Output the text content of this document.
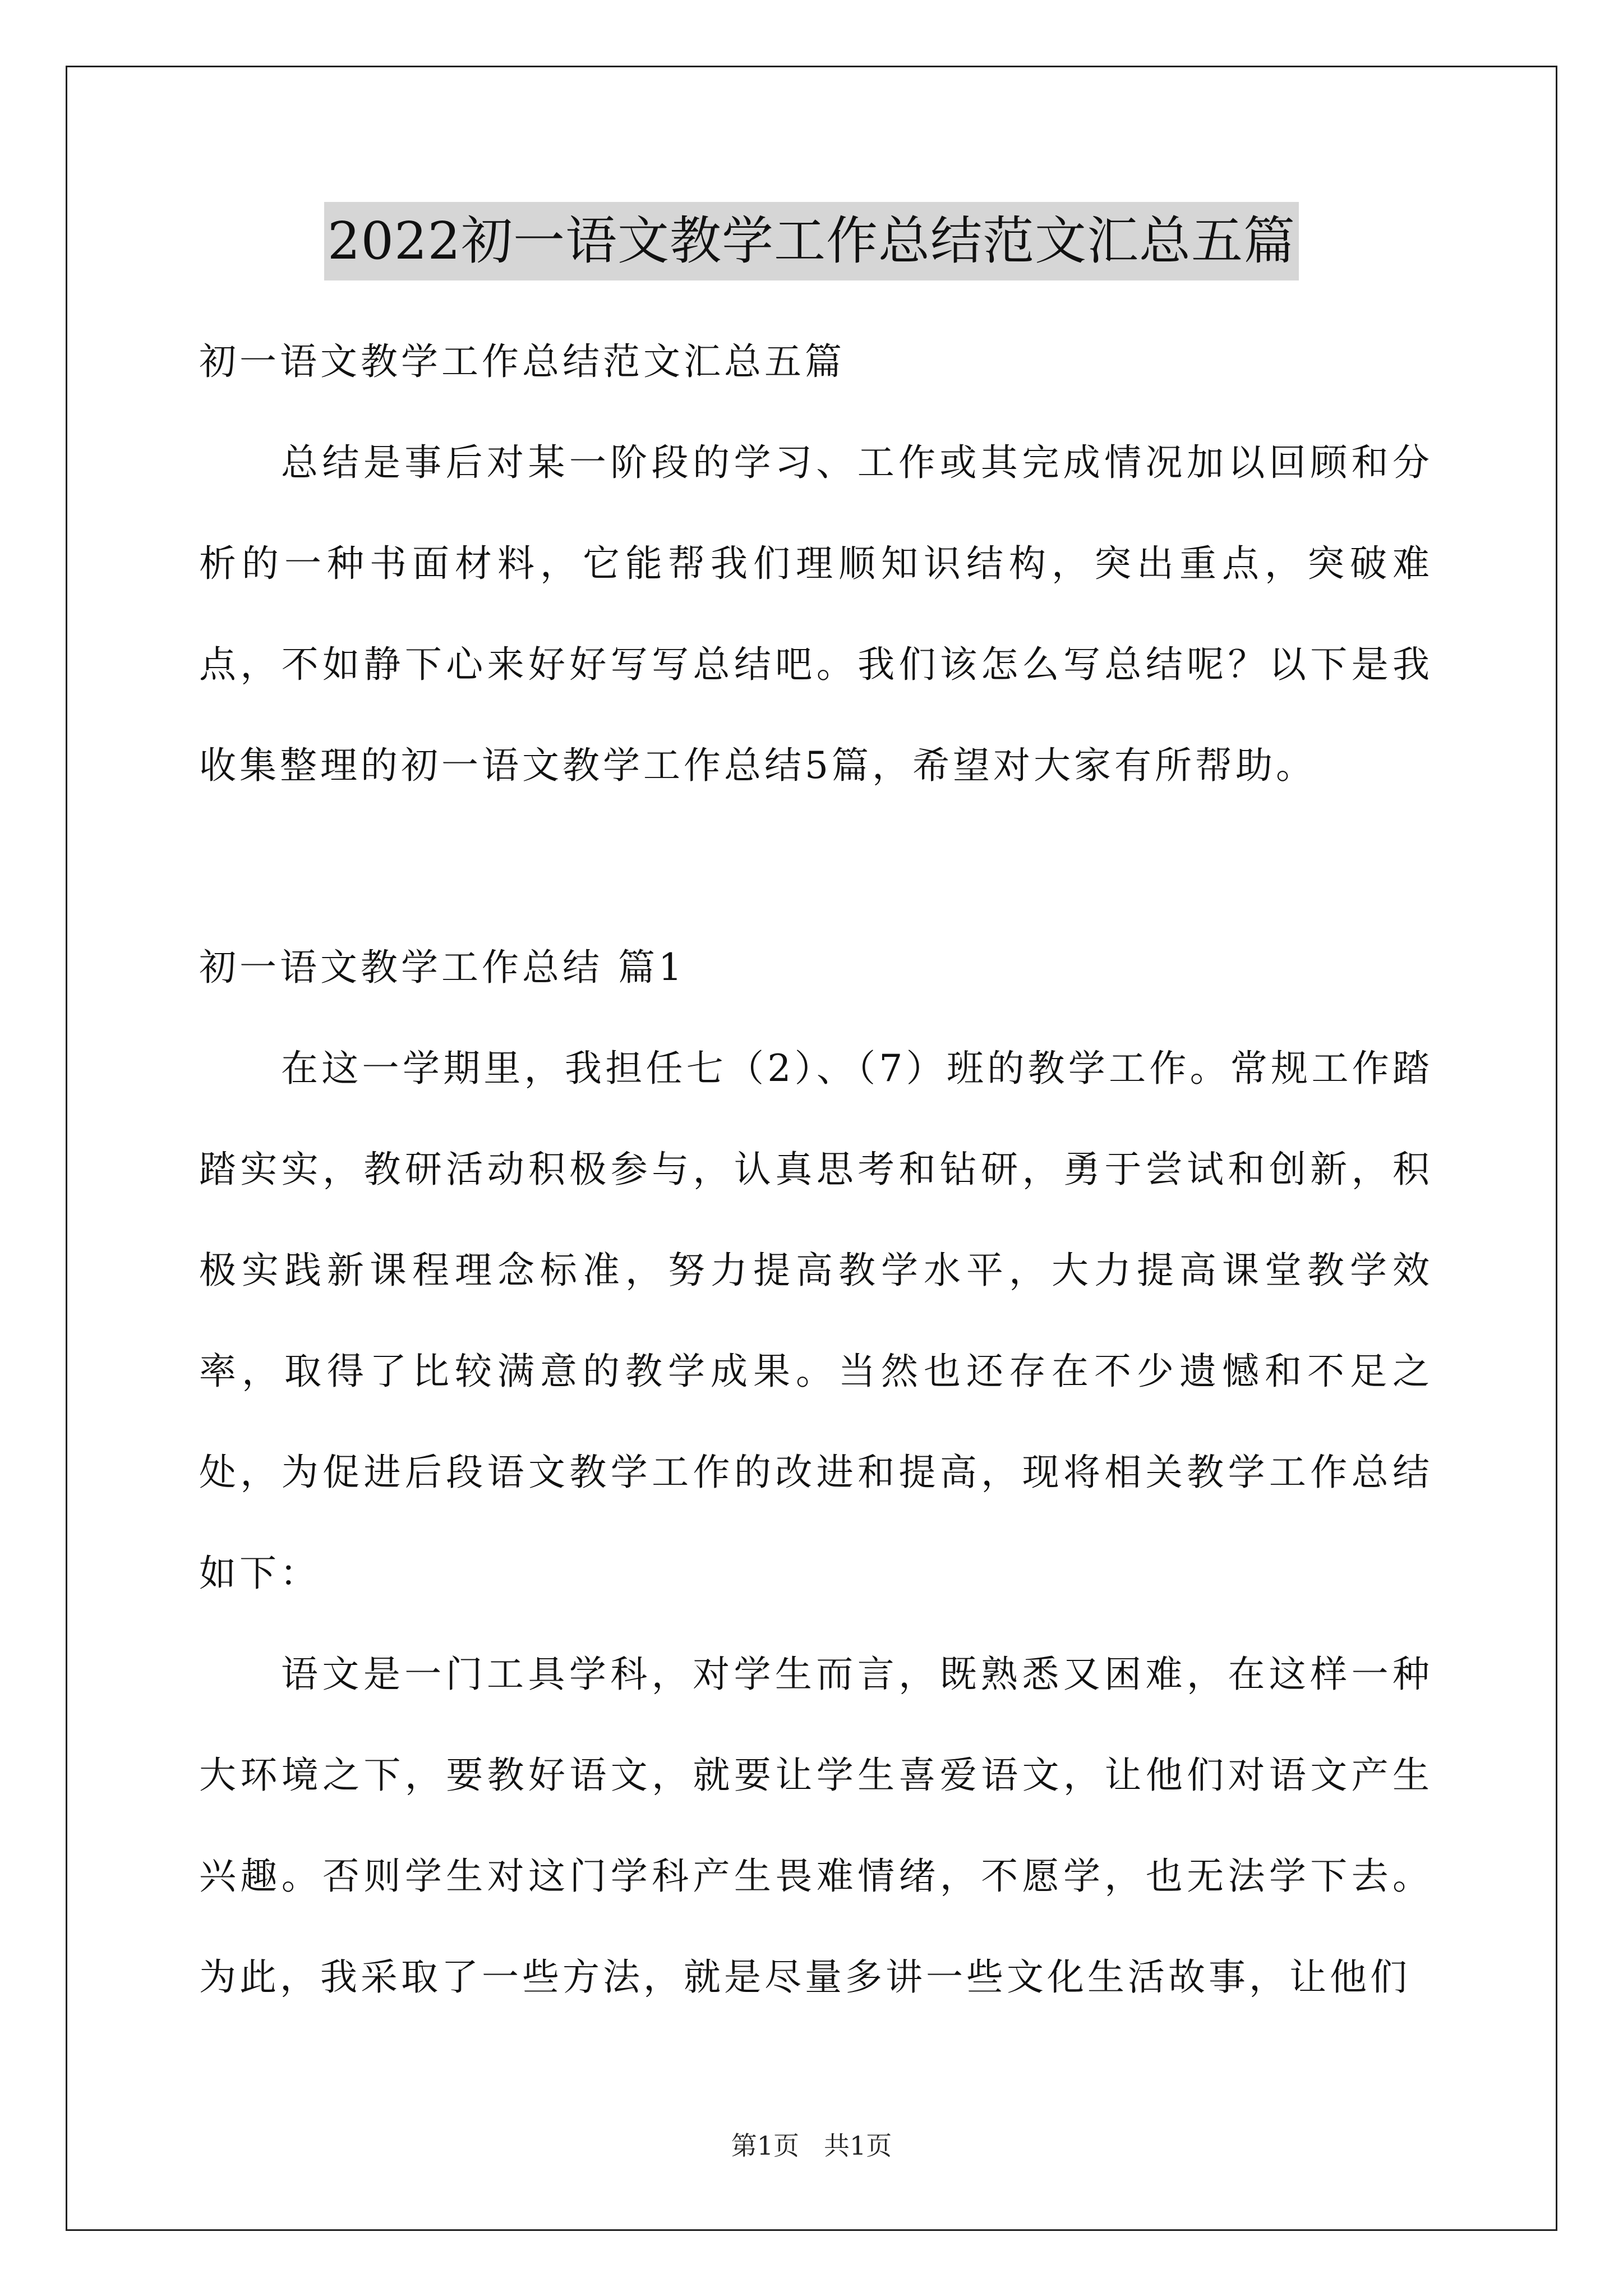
2022初一语文教学工作总结范文汇总五篇

初一语文教学工作总结范文汇总五篇

总结是事后对某一阶段的学习、工作或其完成情况加以回顾和分析的一种书面材料，它能帮我们理顺知识结构，突出重点，突破难点，不如静下心来好好写写总结吧。我们该怎么写总结呢？以下是我收集整理的初一语文教学工作总结5篇，希望对大家有所帮助。

初一语文教学工作总结 篇1

在这一学期里，我担任七（2）、（7）班的教学工作。常规工作踏踏实实，教研活动积极参与，认真思考和钻研，勇于尝试和创新，积极实践新课程理念标准，努力提高教学水平，大力提高课堂教学效率，取得了比较满意的教学成果。当然也还存在不少遗憾和不足之处，为促进后段语文教学工作的改进和提高，现将相关教学工作总结如下：

语文是一门工具学科，对学生而言，既熟悉又困难，在这样一种大环境之下，要教好语文，就要让学生喜爱语文，让他们对语文产生兴趣。否则学生对这门学科产生畏难情绪，不愿学，也无法学下去。为此，我采取了一些方法，就是尽量多讲一些文化生活故事，让他们

第1页 共1页
